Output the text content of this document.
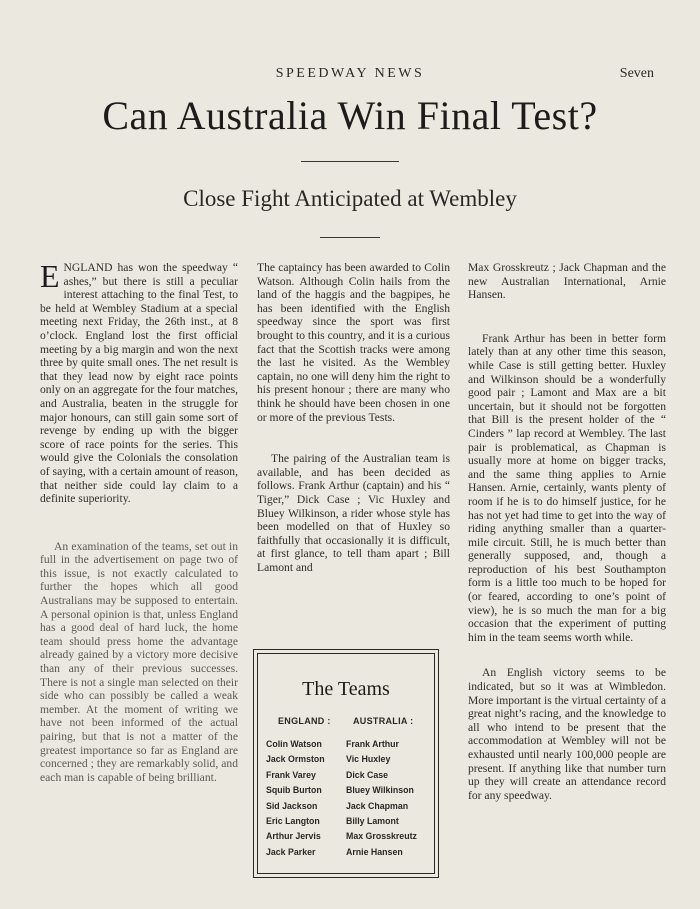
SPEEDWAY NEWS	Seven
Can Australia Win Final Test?
Close Fight Anticipated at Wembley

ENGLAND has won the speedway “ ashes,” but there is still a peculiar interest attaching to the final Test, to be held at Wembley Stadium at a special meeting next Friday, the 26th inst., at 8 o’clock. England lost the first official meeting by a big margin and won the next three by quite small ones. The net result is that they lead now by eight race points only on an aggregate for the four matches, and Australia, beaten in the struggle for major honours, can still gain some sort of revenge by ending up with the bigger score of race points for the series. This would give the Colonials the consolation of saying, with a certain amount of reason, that neither side could lay claim to a definite superiority.

An examination of the teams, set out in full in the advertisement on page two of this issue, is not exactly calculated to further the hopes which all good Australians may be supposed to entertain. A personal opinion is that, unless England has a good deal of hard luck, the home team should press home the advantage already gained by a victory more decisive than any of their previous successes. There is not a single man selected on their side who can possibly be called a weak member. At the moment of writing we have not been informed of the actual pairing, but that is not a matter of the greatest importance so far as England are concerned ; they are remarkably solid, and each man is capable of being brilliant.

The captaincy has been awarded to Colin Watson. Although Colin hails from the land of the haggis and the bagpipes, he has been identified with the English speedway since the sport was first brought to this country, and it is a curious fact that the Scottish tracks were among the last he visited. As the Wembley captain, no one will deny him the right to his present honour ; there are many who think he should have been chosen in one or more of the previous Tests.

The pairing of the Australian team is available, and has been decided as follows. Frank Arthur (captain) and his “ Tiger,” Dick Case ; Vic Huxley and Bluey Wilkinson, a rider whose style has been modelled on that of Huxley so faithfully that occasionally it is difficult, at first glance, to tell tham apart ; Bill Lamont and

The Teams
ENGLAND : AUSTRALIA :
Colin Watson
Jack Ormston
Frank Varey
Squib Burton
Sid Jackson
Eric Langton
Arthur Jervis
Jack Parker
Frank Arthur
Vic Huxley
Dick Case
Bluey Wilkinson
Jack Chapman
Billy Lamont
Max Grosskreutz
Arnie Hansen

Max Grosskreutz ; Jack Chapman and the new Australian International, Arnie Hansen.

Frank Arthur has been in better form lately than at any other time this season, while Case is still getting better. Huxley and Wilkinson should be a wonderfully good pair ; Lamont and Max are a bit uncertain, but it should not be forgotten that Bill is the present holder of the “ Cinders ” lap record at Wembley. The last pair is problematical, as Chapman is usually more at home on bigger tracks, and the same thing applies to Arnie Hansen. Arnie, certainly, wants plenty of room if he is to do himself justice, for he has not yet had time to get into the way of riding anything smaller than a quarter-mile circuit. Still, he is much better than generally supposed, and, though a reproduction of his best Southampton form is a little too much to be hoped for (or feared, according to one’s point of view), he is so much the man for a big occasion that the experiment of putting him in the team seems worth while.

An English victory seems to be indicated, but so it was at Wimbledon. More important is the virtual certainty of a great night’s racing, and the knowledge to all who intend to be present that the accommodation at Wembley will not be exhausted until nearly 100,000 people are present. If anything like that number turn up they will create an attendance record for any speedway.
